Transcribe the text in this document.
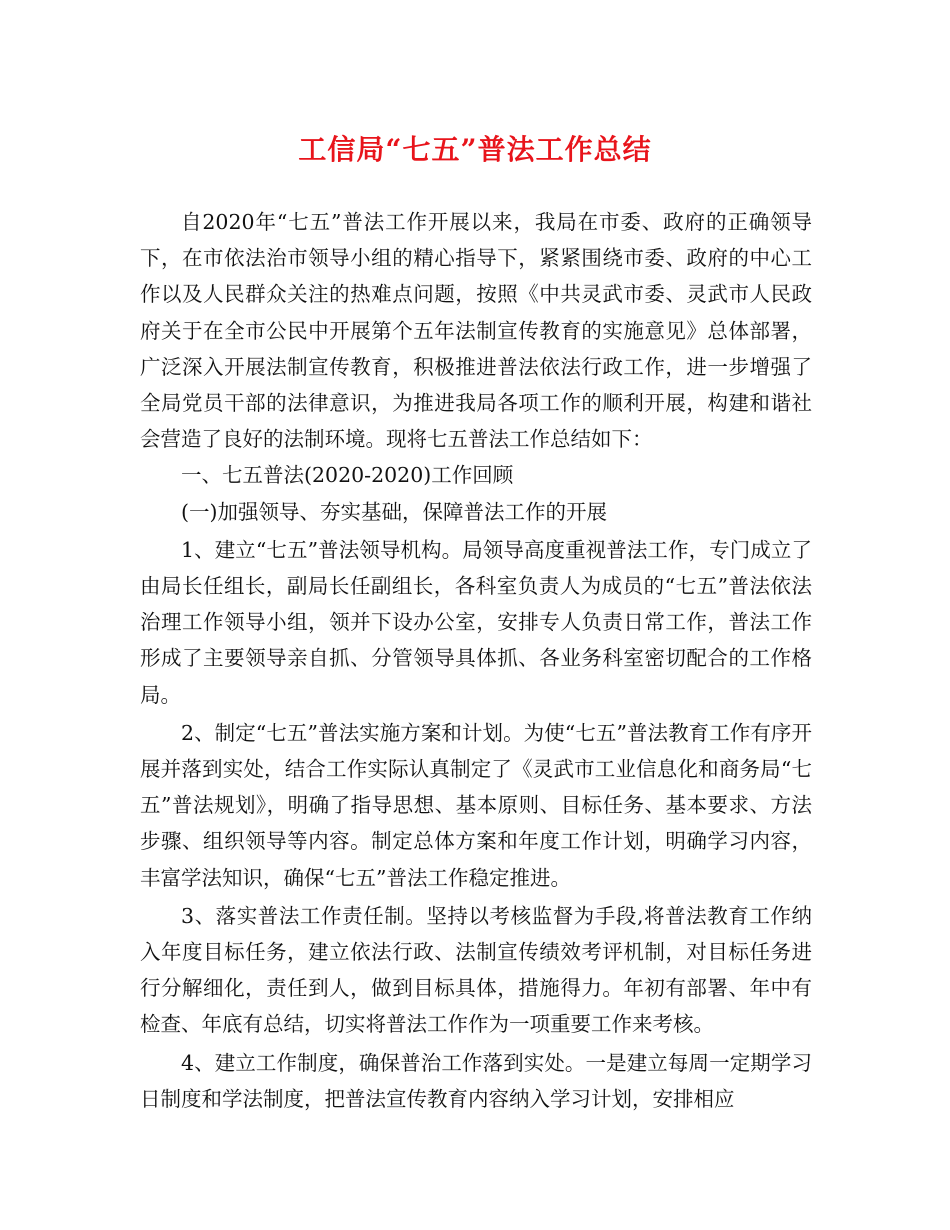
工信局“七五”普法工作总结

自2020年“七五”普法工作开展以来，我局在市委、政府的正确领导下，在市依法治市领导小组的精心指导下，紧紧围绕市委、政府的中心工作以及人民群众关注的热难点问题，按照《中共灵武市委、灵武市人民政府关于在全市公民中开展第个五年法制宣传教育的实施意见》总体部署，广泛深入开展法制宣传教育，积极推进普法依法行政工作，进一步增强了全局党员干部的法律意识，为推进我局各项工作的顺利开展，构建和谐社会营造了良好的法制环境。现将七五普法工作总结如下：

一、七五普法(2020-2020)工作回顾

(一)加强领导、夯实基础，保障普法工作的开展

1、建立“七五”普法领导机构。局领导高度重视普法工作，专门成立了由局长任组长，副局长任副组长，各科室负责人为成员的“七五”普法依法治理工作领导小组，领并下设办公室，安排专人负责日常工作，普法工作形成了主要领导亲自抓、分管领导具体抓、各业务科室密切配合的工作格局。

2、制定“七五”普法实施方案和计划。为使“七五”普法教育工作有序开展并落到实处，结合工作实际认真制定了《灵武市工业信息化和商务局“七五”普法规划》，明确了指导思想、基本原则、目标任务、基本要求、方法步骤、组织领导等内容。制定总体方案和年度工作计划，明确学习内容，丰富学法知识，确保“七五”普法工作稳定推进。

3、落实普法工作责任制。坚持以考核监督为手段,将普法教育工作纳入年度目标任务，建立依法行政、法制宣传绩效考评机制，对目标任务进行分解细化，责任到人，做到目标具体，措施得力。年初有部署、年中有检查、年底有总结，切实将普法工作作为一项重要工作来考核。

4、建立工作制度，确保普治工作落到实处。一是建立每周一定期学习日制度和学法制度，把普法宣传教育内容纳入学习计划，安排相应
